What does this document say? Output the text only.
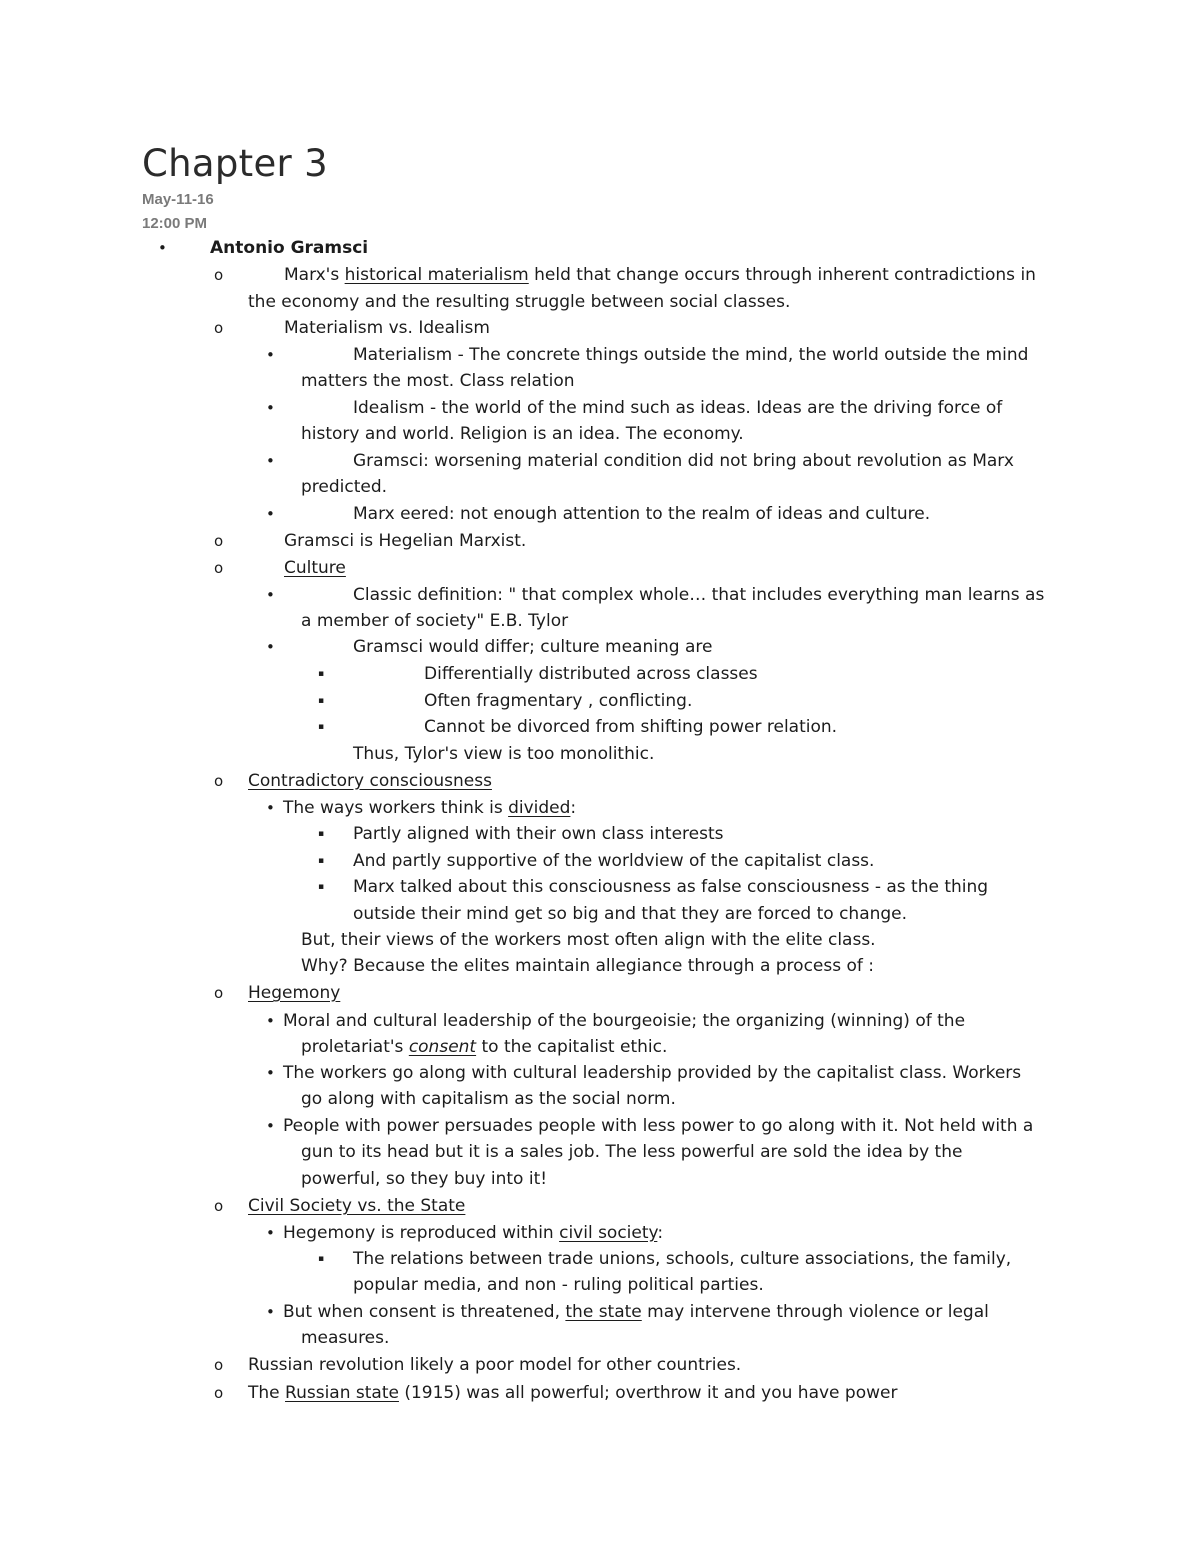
Chapter 3
May-11-16
12:00 PM
•	Antonio Gramsci
o	Marx's historical materialism held that change occurs through inherent contradictions in
the economy and the resulting struggle between social classes.
o	Materialism vs. Idealism
•	Materialism - The concrete things outside the mind, the world outside the mind
matters the most. Class relation
•	Idealism - the world of the mind such as ideas. Ideas are the driving force of
history and world. Religion is an idea. The economy.
•	Gramsci: worsening material condition did not bring about revolution as Marx
predicted.
•	Marx eered: not enough attention to the realm of ideas and culture.
o	Gramsci is Hegelian Marxist.
o	Culture
•	Classic definition: " that complex whole… that includes everything man learns as
a member of society" E.B. Tylor
•	Gramsci would differ; culture meaning are
▪	Differentially distributed across classes
▪	Often fragmentary , conflicting.
▪	Cannot be divorced from shifting power relation.
Thus, Tylor's view is too monolithic.
o Contradictory consciousness
• The ways workers think is divided:
▪ Partly aligned with their own class interests
▪ And partly supportive of the worldview of the capitalist class.
▪ Marx talked about this consciousness as false consciousness - as the thing
outside their mind get so big and that they are forced to change.
But, their views of the workers most often align with the elite class.
Why? Because the elites maintain allegiance through a process of :
o Hegemony
• Moral and cultural leadership of the bourgeoisie; the organizing (winning) of the
proletariat's consent to the capitalist ethic.
• The workers go along with cultural leadership provided by the capitalist class. Workers
go along with capitalism as the social norm.
• People with power persuades people with less power to go along with it. Not held with a
gun to its head but it is a sales job. The less powerful are sold the idea by the
powerful, so they buy into it!
o Civil Society vs. the State
• Hegemony is reproduced within civil society:
▪ The relations between trade unions, schools, culture associations, the family,
popular media, and non - ruling political parties.
• But when consent is threatened, the state may intervene through violence or legal
measures.
o Russian revolution likely a poor model for other countries.
o The Russian state (1915) was all powerful; overthrow it and you have power
